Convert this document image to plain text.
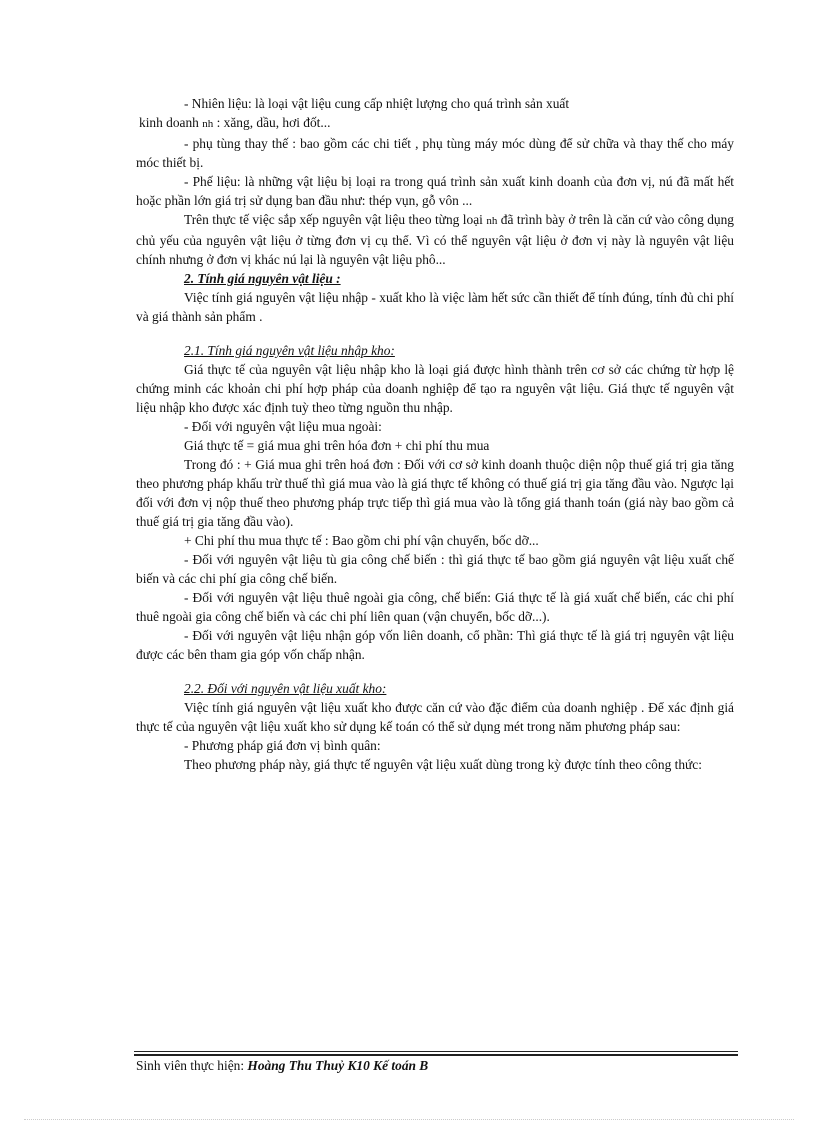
- Nhiên liệu: là loại vật liệu cung cấp nhiệt lượng cho quá trình sản xuất

kinh doanh nh : xăng, dầu, hơi đốt...

- phụ tùng thay thế : bao gồm các chi tiết , phụ tùng máy móc dùng để sử chữa và thay thế cho máy móc thiết bị.

- Phế liệu: là những vật liệu bị loại ra trong quá trình sản xuất kinh doanh của đơn vị, nú đã mất hết hoặc phần lớn giá trị sử dụng ban đầu như: thép vụn, gỗ vôn ...

Trên thực tế việc sắp xếp nguyên vật liệu theo từng loại nh đã trình bày ở trên là căn cứ vào công dụng chủ yếu của nguyên vật liệu ở từng đơn vị cụ thể. Vì có thể nguyên vật liệu ở đơn vị này là nguyên vật liệu chính nhưng ở đơn vị khác nú lại là nguyên vật liệu phô...

2. Tính giá nguyên vật liệu :

Việc tính giá nguyên vật liệu nhập - xuất kho là việc làm hết sức cần thiết để tính đúng, tính đủ chi phí và giá thành sản phẩm .

2.1. Tính giá nguyên vật liệu nhập kho:

Giá thực tế của nguyên vật liệu nhập kho là loại giá được hình thành trên cơ sở các chứng từ hợp lệ chứng minh các khoản chi phí hợp pháp của doanh nghiệp để tạo ra nguyên vật liệu. Giá thực tế nguyên vật liệu nhập kho được xác định tuỳ theo từng nguồn thu nhập.

- Đối với nguyên vật liệu mua ngoài:

Giá thực tế = giá mua ghi trên hóa đơn + chi phí thu mua

Trong đó : + Giá mua ghi trên hoá đơn : Đối với cơ sở kinh doanh thuộc diện nộp thuế giá trị gia tăng theo phương pháp khấu trừ thuế thì giá mua vào là giá thực tế không có thuế giá trị gia tăng đầu vào. Ngược lại đối với đơn vị nộp thuế theo phương pháp trực tiếp thì giá mua vào là tổng giá thanh toán (giá này bao gồm cả thuế giá trị gia tăng đầu vào).

+ Chi phí thu mua thực tế : Bao gồm chi phí vận chuyển, bốc dỡ...

- Đối với nguyên vật liệu tù gia công chế biến : thì giá thực tế bao gồm giá nguyên vật liệu xuất chế biến và các chi phí gia công chế biến.

- Đối với nguyên vật liệu thuê ngoài gia công, chế biến: Giá thực tế là giá xuất chế biến, các chi phí thuê ngoài gia công chế biến và các chi phí liên quan (vận chuyển, bốc dỡ...).

- Đối với nguyên vật liệu nhận góp vốn liên doanh, cổ phần: Thì giá thực tế là giá trị nguyên vật liệu được các bên tham gia góp vốn chấp nhận.

2.2. Đối với nguyên vật liệu xuất kho:

Việc tính giá nguyên vật liệu xuất kho được căn cứ vào đặc điểm của doanh nghiệp . Để xác định giá thực tế của nguyên vật liệu xuất kho sử dụng kế toán có thể sử dụng mét trong năm phương pháp sau:

- Phương pháp giá đơn vị bình quân:

Theo phương pháp này, giá thực tế nguyên vật liệu xuất dùng trong kỳ được tính theo công thức:

Sinh viên thực hiện: Hoàng Thu Thuỷ K10 Kế toán B
